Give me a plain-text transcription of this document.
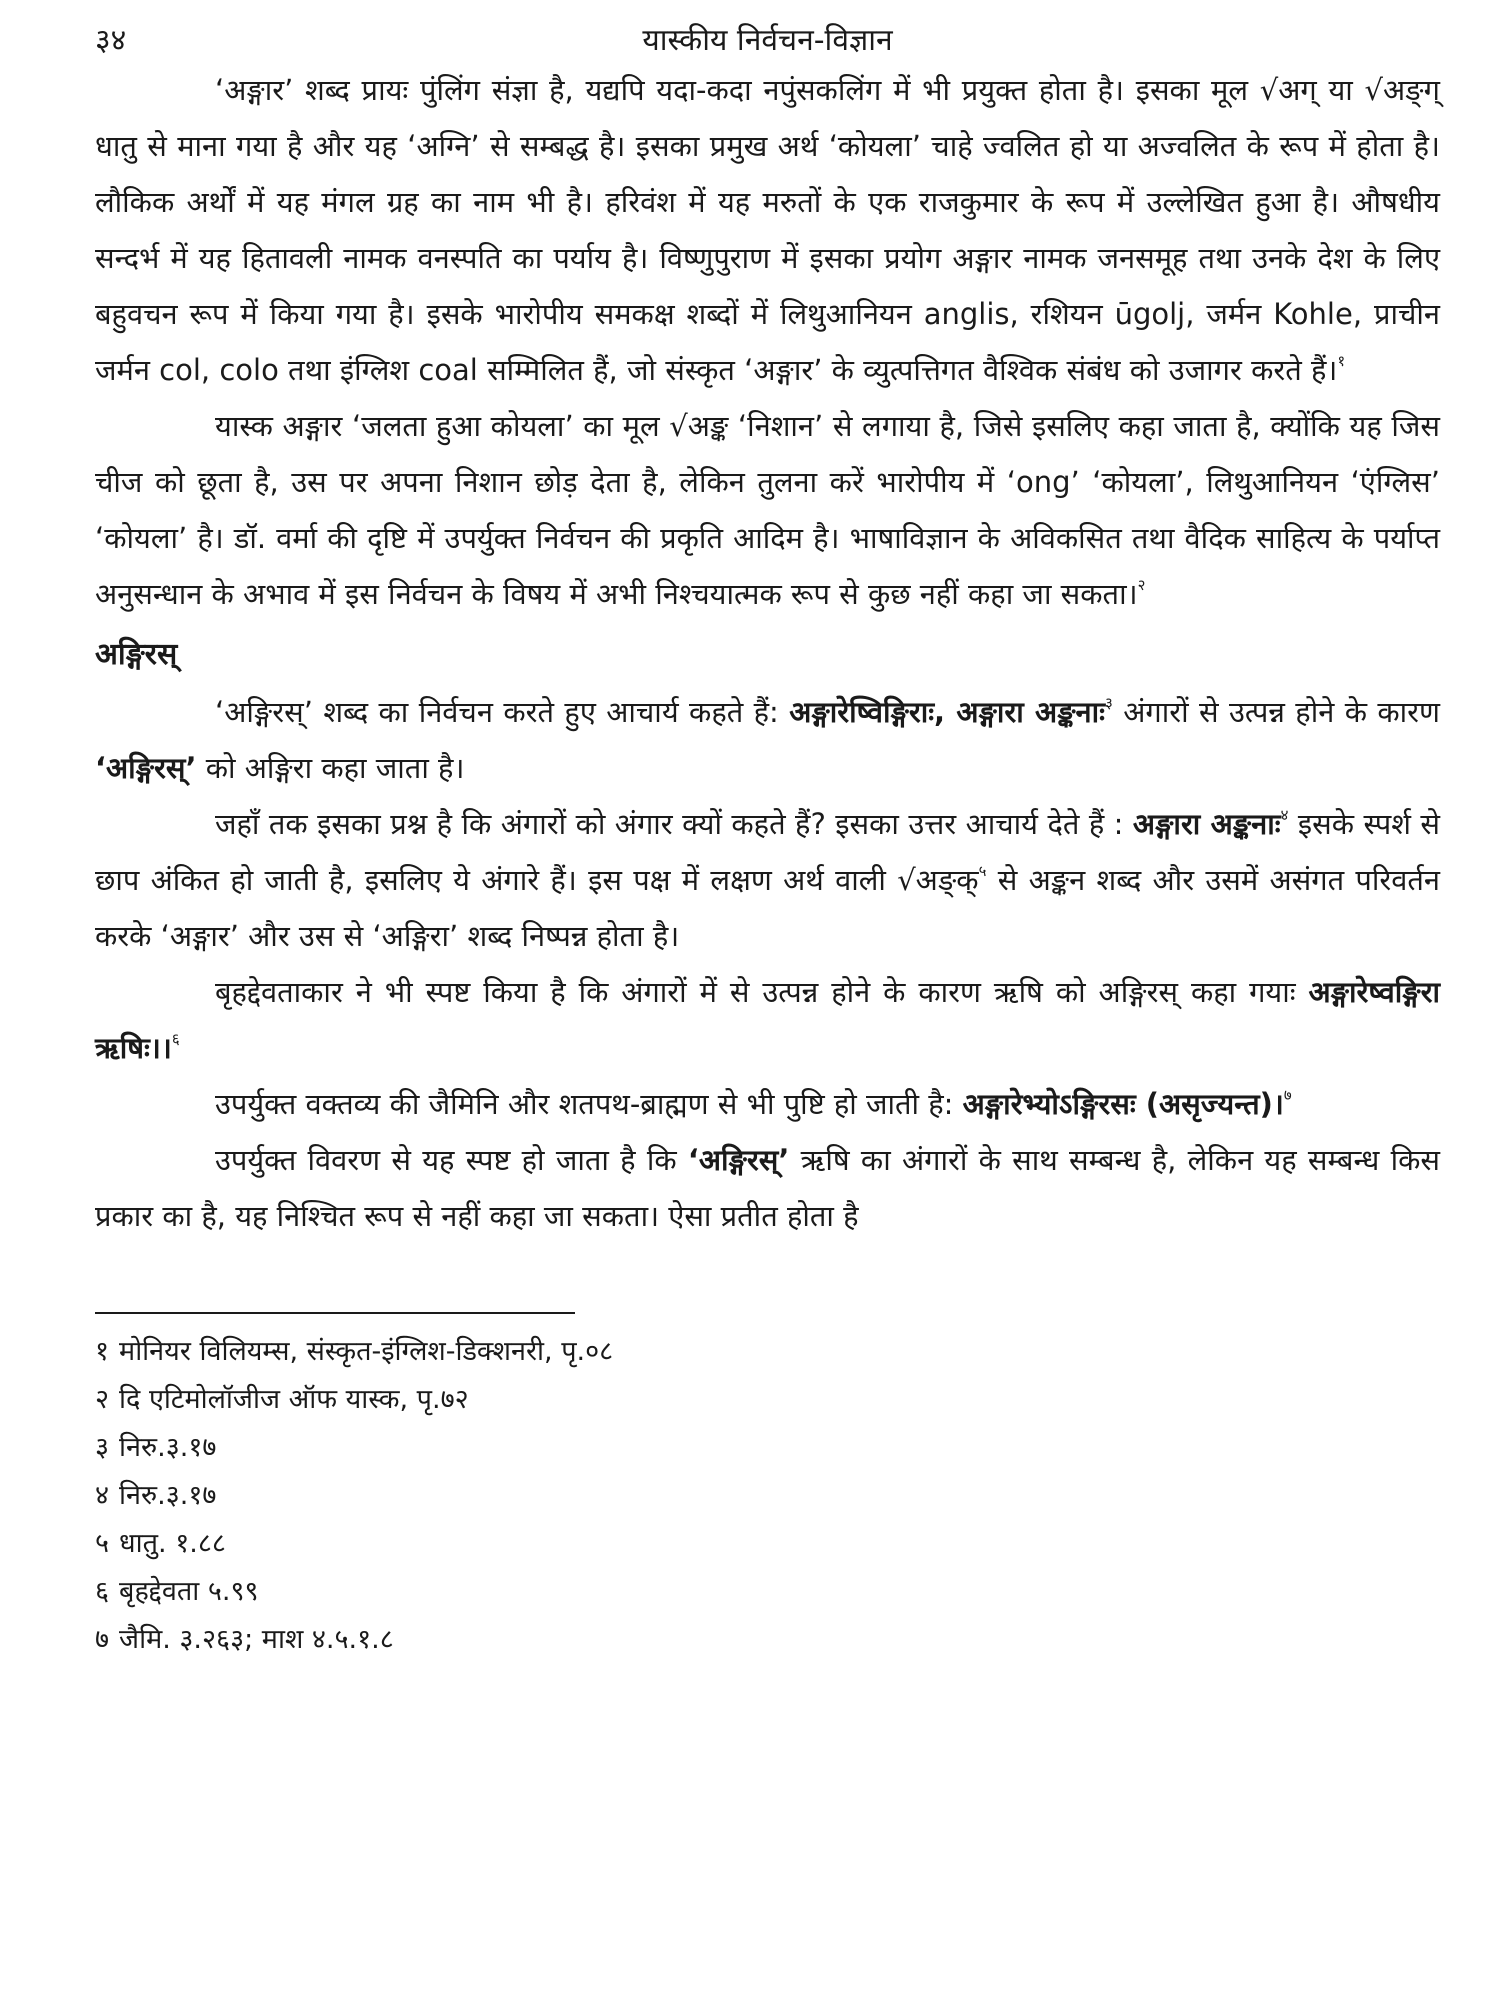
३४	यास्कीय निर्वचन-विज्ञान

‘अङ्गार’ शब्द प्रायः पुंलिंग संज्ञा है, यद्यपि यदा-कदा नपुंसकलिंग में भी प्रयुक्त होता है। इसका मूल √अग् या √अङ्ग् धातु से माना गया है और यह ‘अग्नि’ से सम्बद्ध है। इसका प्रमुख अर्थ ‘कोयला’ चाहे ज्वलित हो या अज्वलित के रूप में होता है। लौकिक अर्थों में यह मंगल ग्रह का नाम भी है। हरिवंश में यह मरुतों के एक राजकुमार के रूप में उल्लेखित हुआ है। औषधीय सन्दर्भ में यह हितावली नामक वनस्पति का पर्याय है। विष्णुपुराण में इसका प्रयोग अङ्गार नामक जनसमूह तथा उनके देश के लिए बहुवचन रूप में किया गया है। इसके भारोपीय समकक्ष शब्दों में लिथुआनियन anglis, रशियन ūgolj, जर्मन Kohle, प्राचीन जर्मन col, colo तथा इंग्लिश coal सम्मिलित हैं, जो संस्कृत ‘अङ्गार’ के व्युत्पत्तिगत वैश्विक संबंध को उजागर करते हैं।$^१$

यास्क अङ्गार ‘जलता हुआ कोयला’ का मूल √अङ्क ‘निशान’ से लगाया है, जिसे इसलिए कहा जाता है, क्योंकि यह जिस चीज को छूता है, उस पर अपना निशान छोड़ देता है, लेकिन तुलना करें भारोपीय में ‘ong’ ‘कोयला’, लिथुआनियन ‘एंग्लिस’ ‘कोयला’ है। डॉ. वर्मा की दृष्टि में उपर्युक्त निर्वचन की प्रकृति आदिम है। भाषाविज्ञान के अविकसित तथा वैदिक साहित्य के पर्याप्त अनुसन्धान के अभाव में इस निर्वचन के विषय में अभी निश्चयात्मक रूप से कुछ नहीं कहा जा सकता।$^२$

अङ्गिरस्

‘अङ्गिरस्’ शब्द का निर्वचन करते हुए आचार्य कहते हैं: अङ्गारेष्विङ्गिराः, अङ्गारा अङ्कनाः$^३$ अंगारों से उत्पन्न होने के कारण ‘अङ्गिरस्’ को अङ्गिरा कहा जाता है।

जहाँ तक इसका प्रश्न है कि अंगारों को अंगार क्यों कहते हैं? इसका उत्तर आचार्य देते हैं : अङ्गारा अङ्कनाः$^४$ इसके स्पर्श से छाप अंकित हो जाती है, इसलिए ये अंगारे हैं। इस पक्ष में लक्षण अर्थ वाली √अङ्क्$^५$ से अङ्कन शब्द और उसमें असंगत परिवर्तन करके ‘अङ्गार’ और उस से ‘अङ्गिरा’ शब्द निष्पन्न होता है।

बृहद्देवताकार ने भी स्पष्ट किया है कि अंगारों में से उत्पन्न होने के कारण ऋषि को अङ्गिरस् कहा गयाः अङ्गारेष्वङ्गिरा ऋषिः।।$^६$

उपर्युक्त वक्तव्य की जैमिनि और शतपथ-ब्राह्मण से भी पुष्टि हो जाती है: अङ्गारेभ्योऽङ्गिरसः (असृज्यन्त)।$^७$

उपर्युक्त विवरण से यह स्पष्ट हो जाता है कि ‘अङ्गिरस्’ ऋषि का अंगारों के साथ सम्बन्ध है, लेकिन यह सम्बन्ध किस प्रकार का है, यह निश्चित रूप से नहीं कहा जा सकता। ऐसा प्रतीत होता है

१ मोनियर विलियम्स, संस्कृत-इंग्लिश-डिक्शनरी, पृ.०८

२ दि एटिमोलॉजीज ऑफ यास्क, पृ.७२

३ निरु.३.१७

४ निरु.३.१७

५ धातु. १.८८

६ बृहद्देवता ५.९९

७ जैमि. ३.२६३; माश ४.५.१.८
